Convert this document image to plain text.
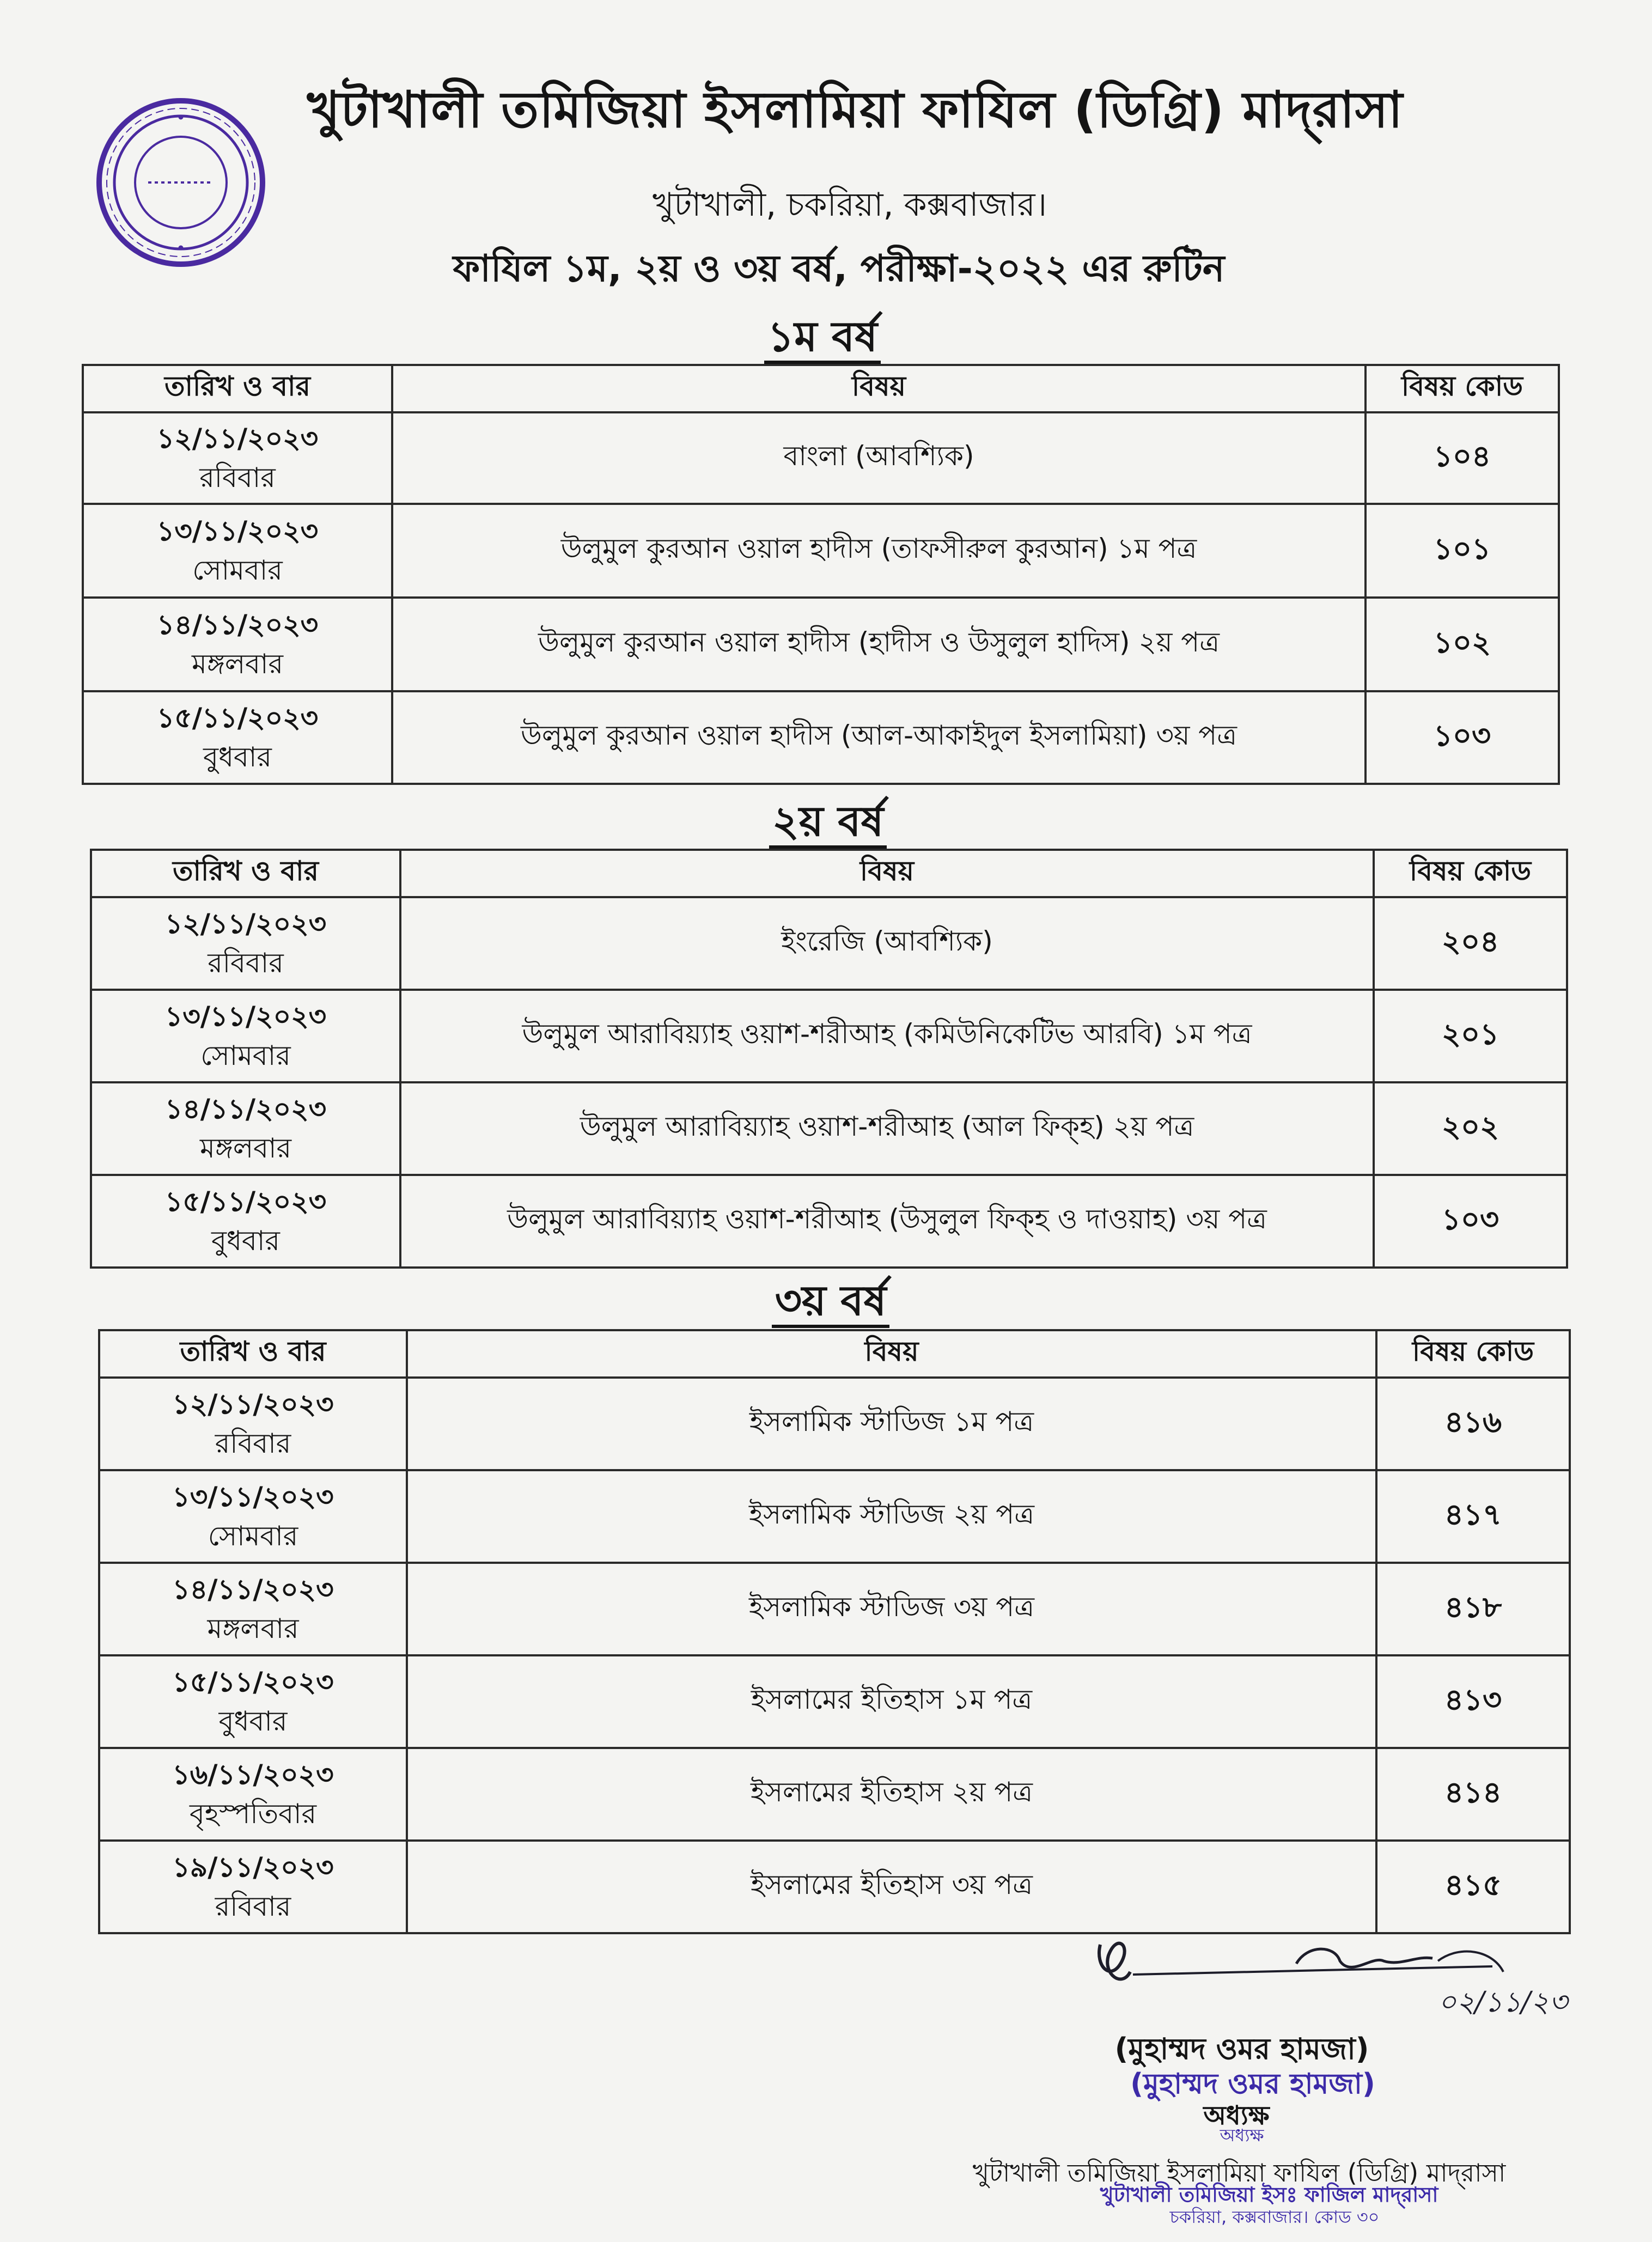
খুটাখালী তমিজিয়া ইসলামিয়া ফাযিল (ডিগ্রি) মাদ্‌রাসা
খুটাখালী, চকরিয়া, কক্সবাজার।
ফাযিল ১ম, ২য় ও ৩য় বর্ষ, পরীক্ষা-২০২২ এর রুটিন
১ম বর্ষ
তারিখ ও বার	বিষয়	বিষয় কোড

১২/১১/২০২৩
রবিবার	বাংলা (আবশ্যিক)	১০৪

১৩/১১/২০২৩
সোমবার	উলুমুল কুরআন ওয়াল হাদীস (তাফসীরুল কুরআন) ১ম পত্র	১০১

১৪/১১/২০২৩
মঙ্গলবার	উলুমুল কুরআন ওয়াল হাদীস (হাদীস ও উসুলুল হাদিস) ২য় পত্র	১০২

১৫/১১/২০২৩
বুধবার	উলুমুল কুরআন ওয়াল হাদীস (আল-আকাইদুল ইসলামিয়া) ৩য় পত্র	১০৩
২য় বর্ষ
তারিখ ও বার	বিষয়	বিষয় কোড

১২/১১/২০২৩
রবিবার	ইংরেজি (আবশ্যিক)	২০৪

১৩/১১/২০২৩
সোমবার	উলুমুল আরাবিয়্যাহ ওয়াশ-শরীআহ (কমিউনিকেটিভ আরবি) ১ম পত্র	২০১

১৪/১১/২০২৩
মঙ্গলবার	উলুমুল আরাবিয়্যাহ ওয়াশ-শরীআহ (আল ফিক্‌হ) ২য় পত্র	২০২

১৫/১১/২০২৩
বুধবার	উলুমুল আরাবিয়্যাহ ওয়াশ-শরীআহ (উসুলুল ফিক্‌হ ও দাওয়াহ) ৩য় পত্র	১০৩
৩য় বর্ষ
তারিখ ও বার	বিষয়	বিষয় কোড

১২/১১/২০২৩
রবিবার	ইসলামিক স্টাডিজ ১ম পত্র	৪১৬

১৩/১১/২০২৩
সোমবার	ইসলামিক স্টাডিজ ২য় পত্র	৪১৭

১৪/১১/২০২৩
মঙ্গলবার	ইসলামিক স্টাডিজ ৩য় পত্র	৪১৮

১৫/১১/২০২৩
বুধবার	ইসলামের ইতিহাস ১ম পত্র	৪১৩

১৬/১১/২০২৩
বৃহস্পতিবার	ইসলামের ইতিহাস ২য় পত্র	৪১৪

১৯/১১/২০২৩
রবিবার	ইসলামের ইতিহাস ৩য় পত্র	৪১৫
০২/১১/২৩
(মুহাম্মদ ওমর হামজা)
(মুহাম্মদ ওমর হামজা)
অধ্যক্ষ
অধ্যক্ষ
খুটাখালী তমিজিয়া ইসলামিয়া ফাযিল (ডিগ্রি) মাদ্‌রাসা
খুটাখালী তমিজিয়া ইসঃ ফাজিল মাদ্‌রাসা
চকরিয়া, কক্সবাজার। কোড ৩০
